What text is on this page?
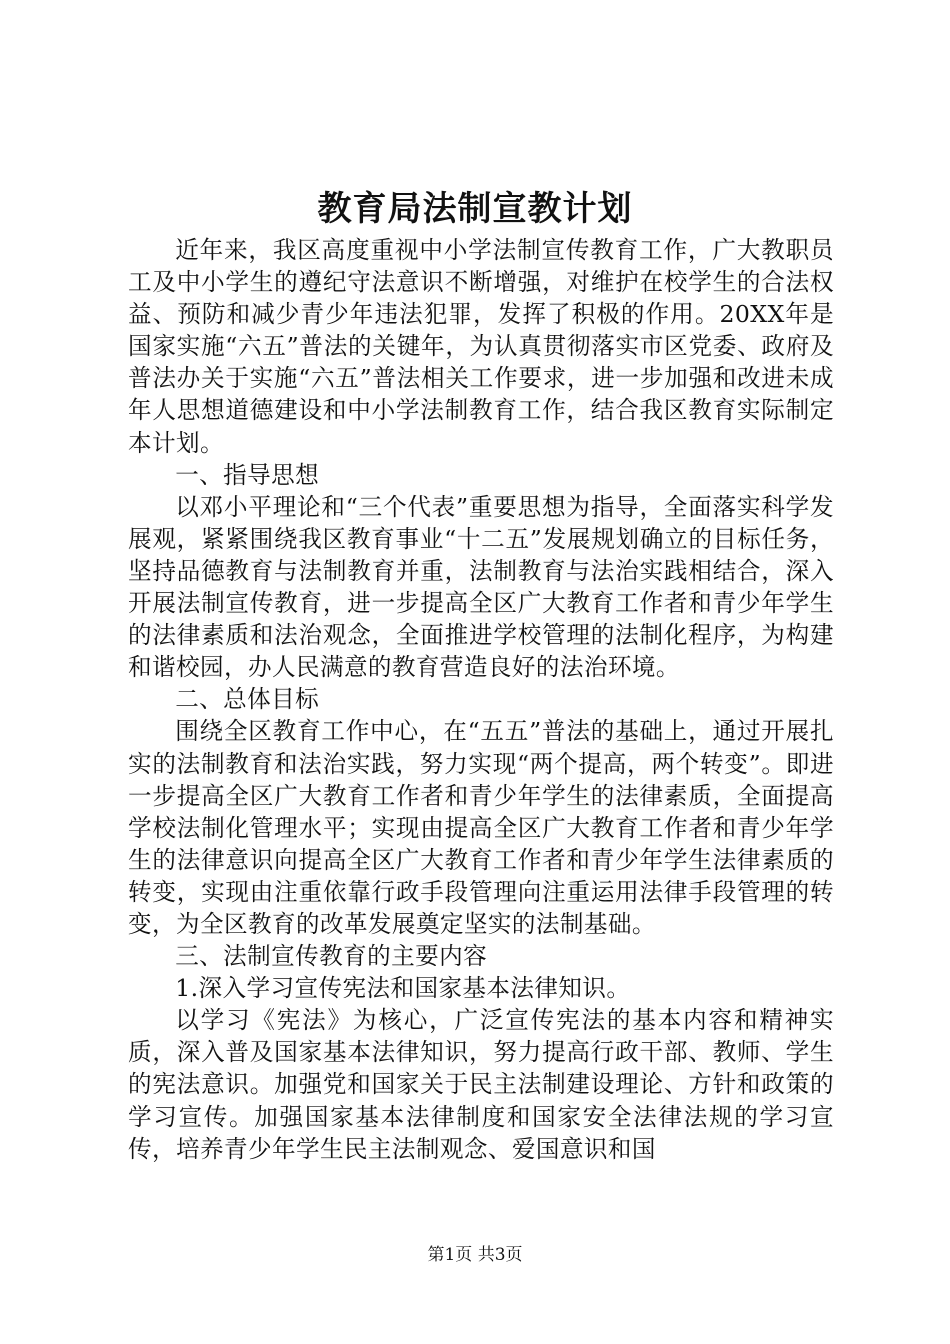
教育局法制宣教计划

近年来，我区高度重视中小学法制宣传教育工作，广大教职员工及中小学生的遵纪守法意识不断增强，对维护在校学生的合法权益、预防和减少青少年违法犯罪，发挥了积极的作用。20XX年是国家实施“六五”普法的关键年，为认真贯彻落实市区党委、政府及普法办关于实施“六五”普法相关工作要求，进一步加强和改进未成年人思想道德建设和中小学法制教育工作，结合我区教育实际制定本计划。

一、指导思想

以邓小平理论和“三个代表”重要思想为指导，全面落实科学发展观，紧紧围绕我区教育事业“十二五”发展规划确立的目标任务，坚持品德教育与法制教育并重，法制教育与法治实践相结合，深入开展法制宣传教育，进一步提高全区广大教育工作者和青少年学生的法律素质和法治观念，全面推进学校管理的法制化程序，为构建和谐校园，办人民满意的教育营造良好的法治环境。

二、总体目标

围绕全区教育工作中心，在“五五”普法的基础上，通过开展扎实的法制教育和法治实践，努力实现“两个提高，两个转变”。即进一步提高全区广大教育工作者和青少年学生的法律素质，全面提高学校法制化管理水平；实现由提高全区广大教育工作者和青少年学生的法律意识向提高全区广大教育工作者和青少年学生法律素质的转变，实现由注重依靠行政手段管理向注重运用法律手段管理的转变，为全区教育的改革发展奠定坚实的法制基础。

三、法制宣传教育的主要内容

1.深入学习宣传宪法和国家基本法律知识。

以学习《宪法》为核心，广泛宣传宪法的基本内容和精神实质，深入普及国家基本法律知识，努力提高行政干部、教师、学生的宪法意识。加强党和国家关于民主法制建设理论、方针和政策的学习宣传。加强国家基本法律制度和国家安全法律法规的学习宣传，培养青少年学生民主法制观念、爱国意识和国

第1页 共3页
